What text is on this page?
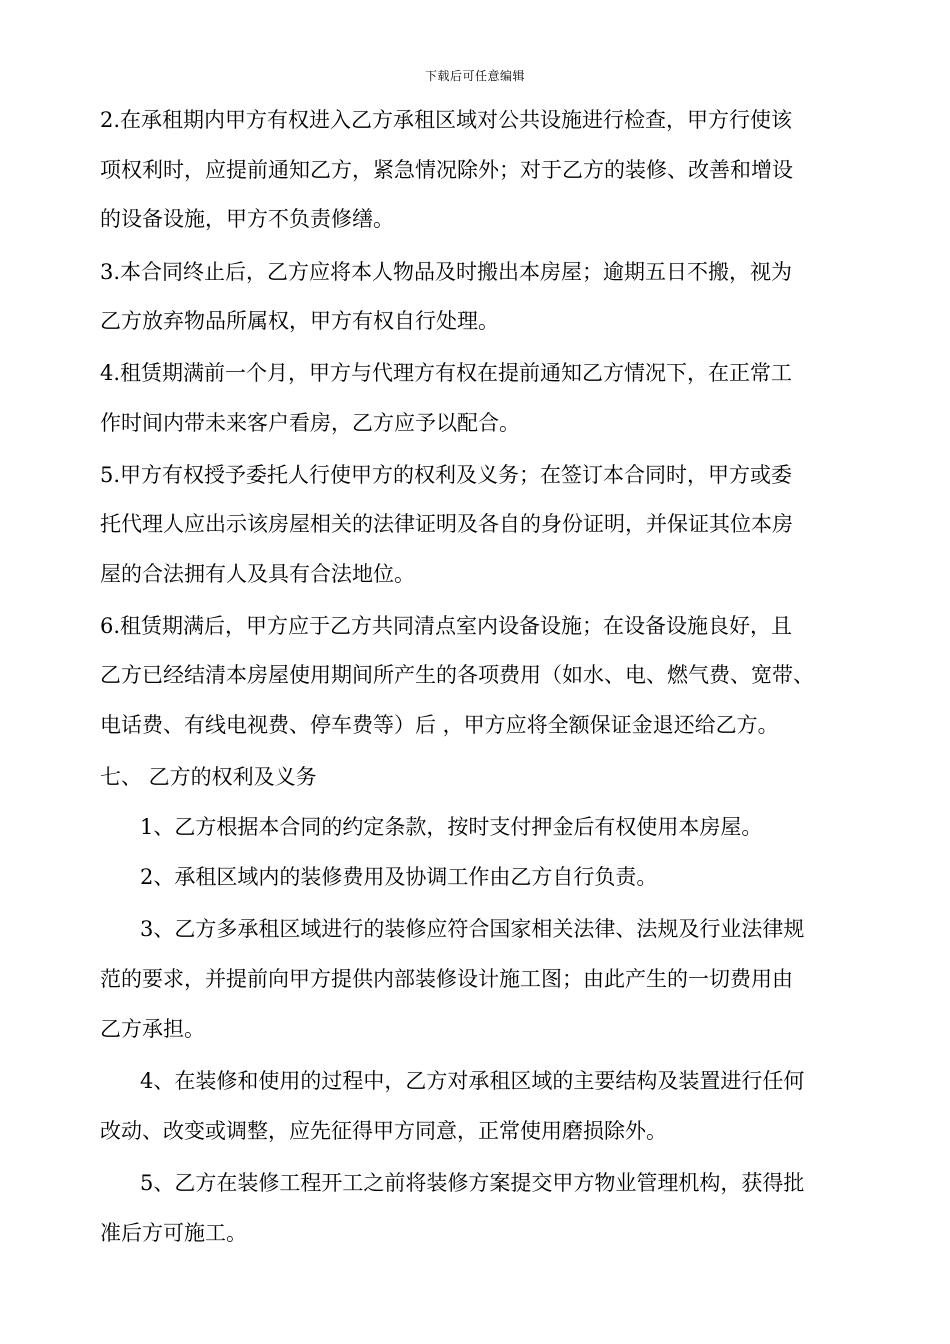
下载后可任意编辑
2.在承租期内甲方有权进入乙方承租区域对公共设施进行检查，甲方行使该
项权利时，应提前通知乙方，紧急情况除外；对于乙方的装修、改善和增设
的设备设施，甲方不负责修缮。
3.本合同终止后，乙方应将本人物品及时搬出本房屋；逾期五日不搬，视为
乙方放弃物品所属权，甲方有权自行处理。
4.租赁期满前一个月，甲方与代理方有权在提前通知乙方情况下，在正常工
作时间内带未来客户看房，乙方应予以配合。
5.甲方有权授予委托人行使甲方的权利及义务；在签订本合同时，甲方或委
托代理人应出示该房屋相关的法律证明及各自的身份证明，并保证其位本房
屋的合法拥有人及具有合法地位。
6.租赁期满后，甲方应于乙方共同清点室内设备设施；在设备设施良好，且
乙方已经结清本房屋使用期间所产生的各项费用（如水、电、燃气费、宽带、
电话费、有线电视费、停车费等）后 ，甲方应将全额保证金退还给乙方。
七、 乙方的权利及义务
1、乙方根据本合同的约定条款，按时支付押金后有权使用本房屋。
2、承租区域内的装修费用及协调工作由乙方自行负责。
3、乙方多承租区域进行的装修应符合国家相关法律、法规及行业法律规
范的要求，并提前向甲方提供内部装修设计施工图；由此产生的一切费用由
乙方承担。
4、在装修和使用的过程中，乙方对承租区域的主要结构及装置进行任何
改动、改变或调整，应先征得甲方同意，正常使用磨损除外。
5、乙方在装修工程开工之前将装修方案提交甲方物业管理机构，获得批
准后方可施工。
